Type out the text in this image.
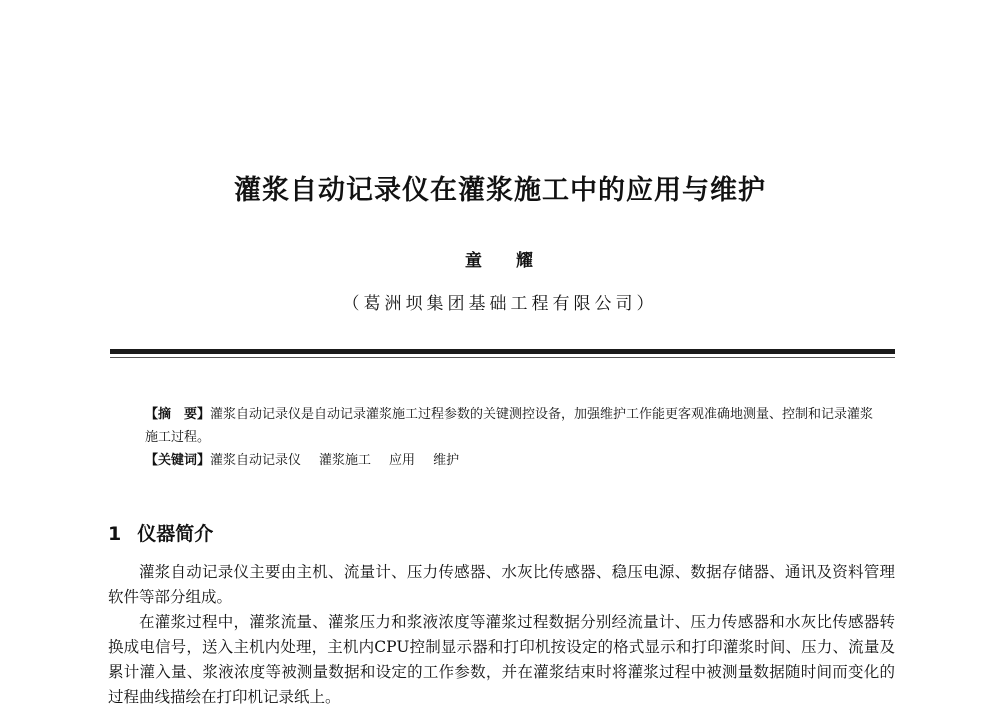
灌浆自动记录仪在灌浆施工中的应用与维护
童 耀
（葛洲坝集团基础工程有限公司）

【摘　要】灌浆自动记录仪是自动记录灌浆施工过程参数的关键测控设备，加强维护工作能更客观准确地测量、控制和记录灌浆施工过程。

【关键词】灌浆自动记录仪 灌浆施工 应用 维护

1 仪器简介

灌浆自动记录仪主要由主机、流量计、压力传感器、水灰比传感器、稳压电源、数据存储器、通讯及资料管理软件等部分组成。

在灌浆过程中，灌浆流量、灌浆压力和浆液浓度等灌浆过程数据分别经流量计、压力传感器和水灰比传感器转换成电信号，送入主机内处理，主机内CPU控制显示器和打印机按设定的格式显示和打印灌浆时间、压力、流量及累计灌入量、浆液浓度等被测量数据和设定的工作参数，并在灌浆结束时将灌浆过程中被测量数据随时间而变化的过程曲线描绘在打印机记录纸上。
